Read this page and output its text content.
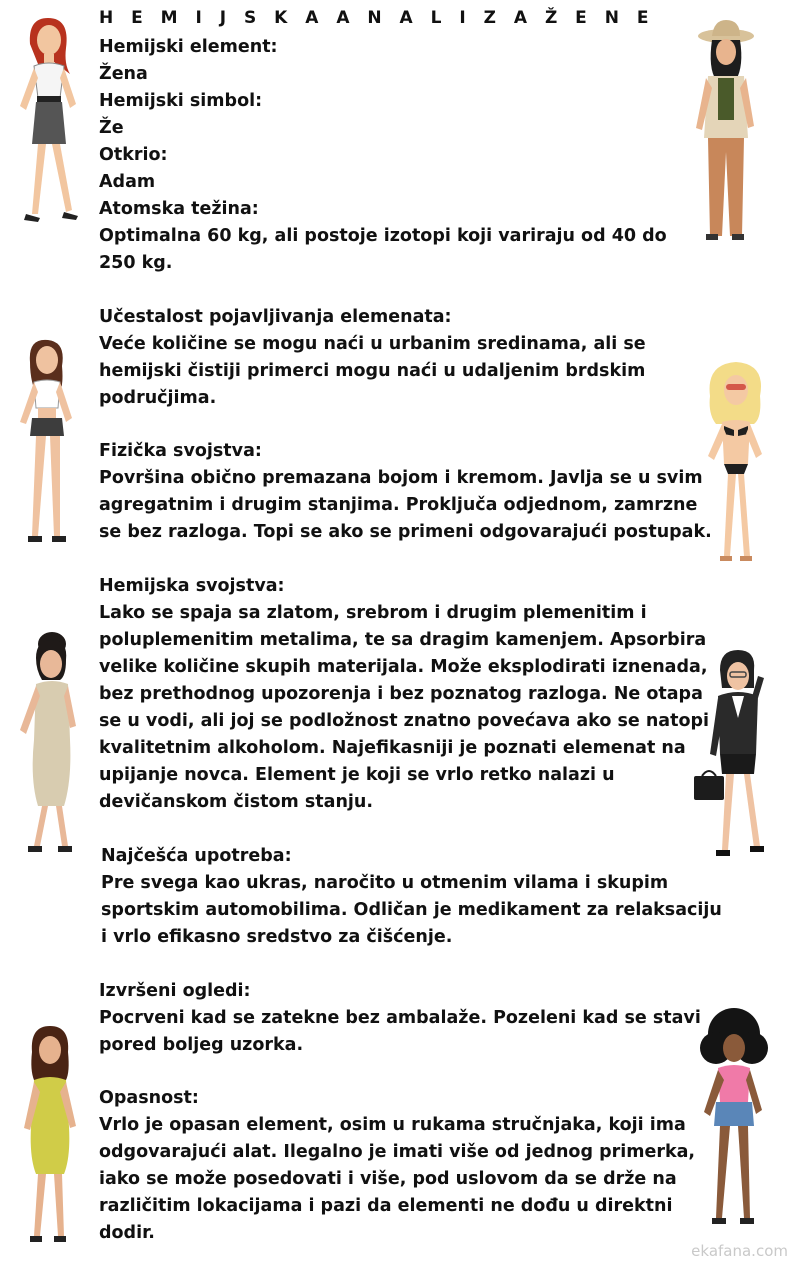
H E M I J S K A A N A L I Z A Ž E N E
Hemijski element:
Žena
Hemijski simbol:
Že
Otkrio:
Adam
Atomska težina:
Optimalna 60 kg, ali postoje izotopi koji variraju od 40 do
250 kg.
Učestalost pojavljivanja elemenata:
Veće količine se mogu naći u urbanim sredinama, ali se
hemijski čistiji primerci mogu naći u udaljenim brdskim
područjima.
Fizička svojstva:
Površina obično premazana bojom i kremom. Javlja se u svim
agregatnim i drugim stanjima. Proključa odjednom, zamrzne
se bez razloga. Topi se ako se primeni odgovarajući postupak.
Hemijska svojstva:
Lako se spaja sa zlatom, srebrom i drugim plemenitim i
poluplemenitim metalima, te sa dragim kamenjem. Apsorbira
velike količine skupih materijala. Može eksplodirati iznenada,
bez prethodnog upozorenja i bez poznatog razloga. Ne otapa
se u vodi, ali joj se podložnost znatno povećava ako se natopi
kvalitetnim alkoholom. Najefikasniji je poznati elemenat na
upijanje novca. Element je koji se vrlo retko nalazi u
devičanskom čistom stanju.
Najčešća upotreba:
Pre svega kao ukras, naročito u otmenim vilama i skupim
sportskim automobilima. Odličan je medikament za relaksaciju
i vrlo efikasno sredstvo za čišćenje.
Izvršeni ogledi:
Pocrveni kad se zatekne bez ambalaže. Pozeleni kad se stavi
pored boljeg uzorka.
Opasnost:
Vrlo je opasan element, osim u rukama stručnjaka, koji ima
odgovarajući alat. Ilegalno je imati više od jednog primerka,
iako se može posedovati i više, pod uslovom da se drže na
različitim lokacijama i pazi da elementi ne dođu u direktni
dodir.
ekafana.com
